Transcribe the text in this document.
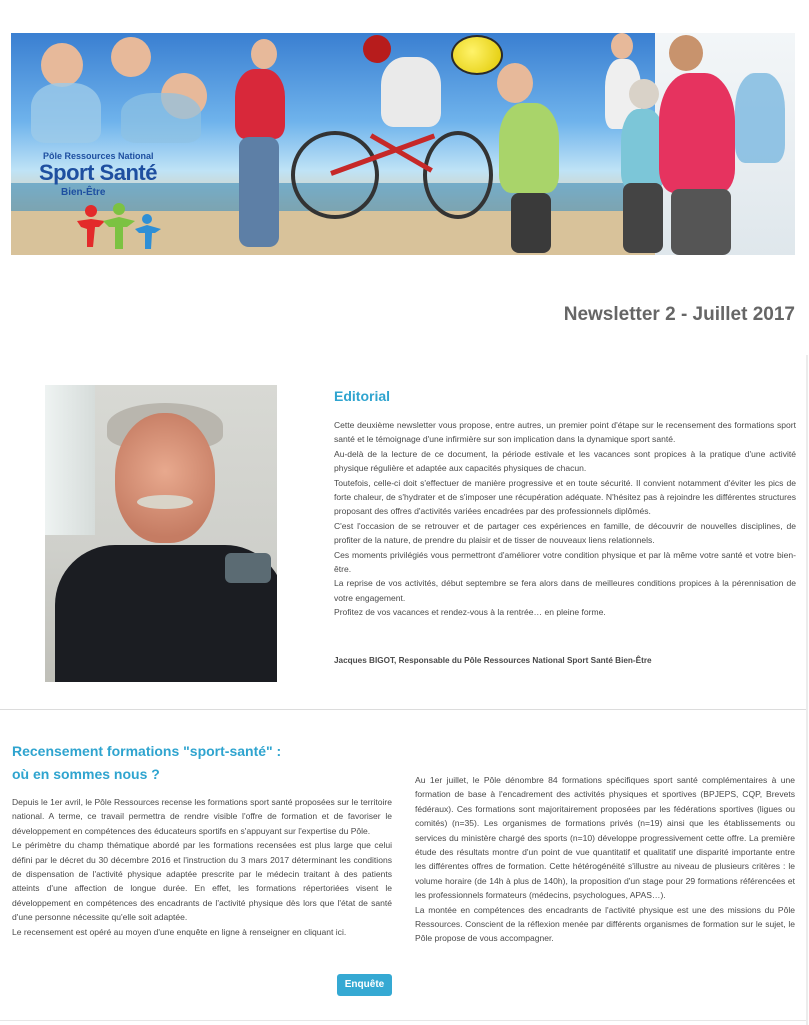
Pôle Ressources National
Sport Santé
Bien-Être
Newsletter 2 - Juillet 2017
Editorial

Cette deuxième newsletter vous propose, entre autres, un premier point d'étape sur le recensement des formations sport santé et le témoignage d'une infirmière sur son implication dans la dynamique sport santé.

Au-delà de la lecture de ce document, la période estivale et les vacances sont propices à la pratique d'une activité physique régulière et adaptée aux capacités physiques de chacun.

Toutefois, celle-ci doit s'effectuer de manière progressive et en toute sécurité. Il convient notamment d'éviter les pics de forte chaleur, de s'hydrater et de s'imposer une récupération adéquate. N'hésitez pas à rejoindre les différentes structures proposant des offres d'activités variées encadrées par des professionnels diplômés.

C'est l'occasion de se retrouver et de partager ces expériences en famille, de découvrir de nouvelles disciplines, de profiter de la nature, de prendre du plaisir et de tisser de nouveaux liens relationnels.

Ces moments privilégiés vous permettront d'améliorer votre condition physique et par là même votre santé et votre bien-être.

La reprise de vos activités, début septembre se fera alors dans de meilleures conditions propices à la pérennisation de votre engagement.

Profitez de vos vacances et rendez-vous à la rentrée… en pleine forme.

Jacques BIGOT, Responsable du Pôle Ressources National Sport Santé Bien-Être
Recensement formations "sport-santé" :
où en sommes nous ?

Depuis le 1er avril, le Pôle Ressources recense les formations sport santé proposées sur le territoire national. A terme, ce travail permettra de rendre visible l'offre de formation et de favoriser le développement en compétences des éducateurs sportifs en s'appuyant sur l'expertise du Pôle.

Le périmètre du champ thématique abordé par les formations recensées est plus large que celui défini par le décret du 30 décembre 2016 et l'instruction du 3 mars 2017 déterminant les conditions de dispensation de l'activité physique adaptée prescrite par le médecin traitant à des patients atteints d'une affection de longue durée. En effet, les formations répertoriées visent le développement en compétences des encadrants de l'activité physique dès lors que l'état de santé d'une personne nécessite qu'elle soit adaptée.

Le recensement est opéré au moyen d'une enquête en ligne à renseigner en cliquant ici.

Au 1er juillet, le Pôle dénombre 84 formations spécifiques sport santé complémentaires à une formation de base à l'encadrement des activités physiques et sportives (BPJEPS, CQP, Brevets fédéraux). Ces formations sont majoritairement proposées par les fédérations sportives (ligues ou comités) (n=35). Les organismes de formations privés (n=19) ainsi que les établissements ou services du ministère chargé des sports (n=10) développe progressivement cette offre. La première étude des résultats montre d'un point de vue quantitatif et qualitatif une disparité importante entre les différentes offres de formation. Cette hétérogénéité s'illustre au niveau de plusieurs critères : le volume horaire (de 14h à plus de 140h), la proposition d'un stage pour 29 formations référencées et les professionnels formateurs (médecins, psychologues, APAS…).

La montée en compétences des encadrants de l'activité physique est une des missions du Pôle Ressources. Conscient de la réflexion menée par différents organismes de formation sur le sujet, le Pôle propose de vous accompagner.

Enquête
